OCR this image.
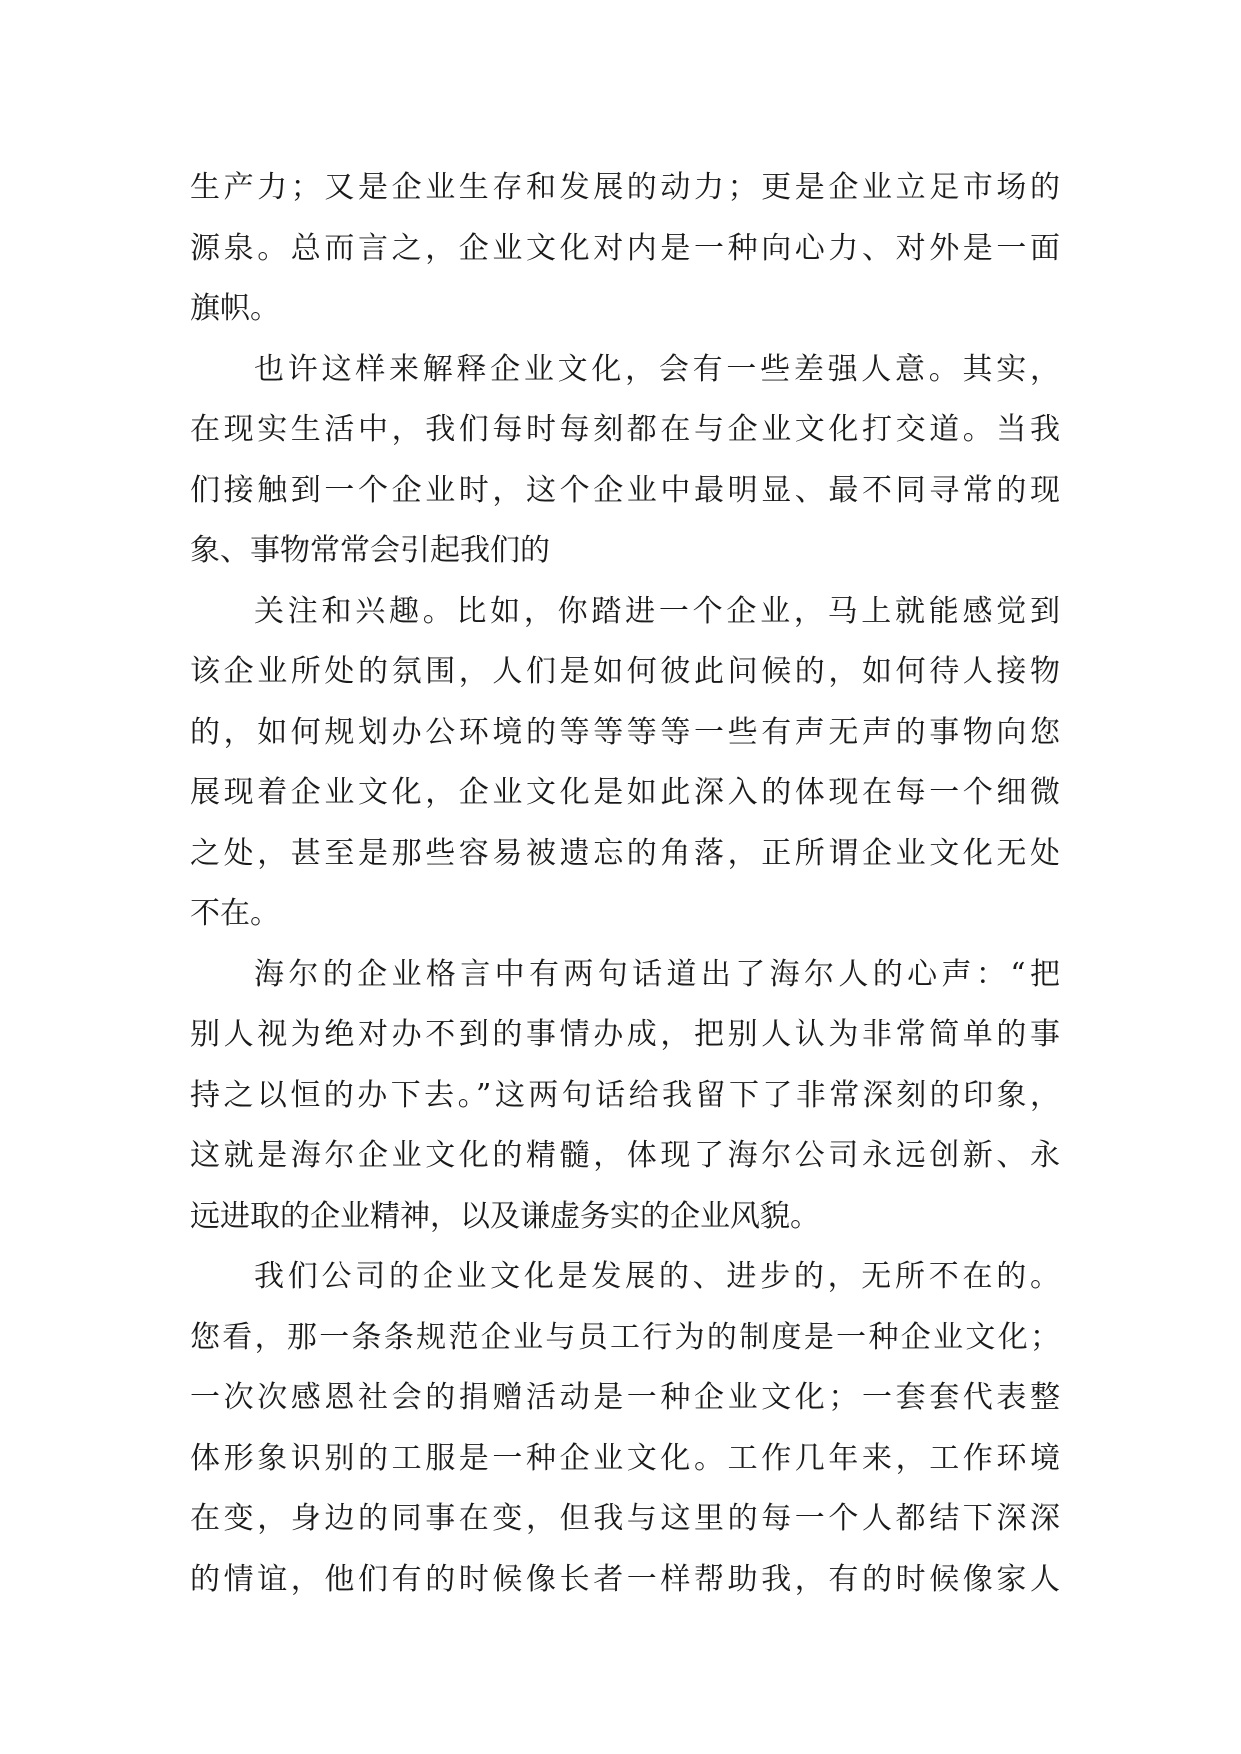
生产力；又是企业生存和发展的动力；更是企业立足市场的
源泉。总而言之，企业文化对内是一种向心力、对外是一面
旗帜。
也许这样来解释企业文化，会有一些差强人意。其实，
在现实生活中，我们每时每刻都在与企业文化打交道。当我
们接触到一个企业时，这个企业中最明显、最不同寻常的现
象、事物常常会引起我们的
关注和兴趣。比如，你踏进一个企业，马上就能感觉到
该企业所处的氛围，人们是如何彼此问候的，如何待人接物
的，如何规划办公环境的等等等等一些有声无声的事物向您
展现着企业文化，企业文化是如此深入的体现在每一个细微
之处，甚至是那些容易被遗忘的角落，正所谓企业文化无处
不在。
海尔的企业格言中有两句话道出了海尔人的心声：“把
别人视为绝对办不到的事情办成，把别人认为非常简单的事
持之以恒的办下去。”这两句话给我留下了非常深刻的印象，
这就是海尔企业文化的精髓，体现了海尔公司永远创新、永
远进取的企业精神，以及谦虚务实的企业风貌。
我们公司的企业文化是发展的、进步的，无所不在的。
您看，那一条条规范企业与员工行为的制度是一种企业文化；
一次次感恩社会的捐赠活动是一种企业文化；一套套代表整
体形象识别的工服是一种企业文化。工作几年来，工作环境
在变，身边的同事在变，但我与这里的每一个人都结下深深
的情谊，他们有的时候像长者一样帮助我，有的时候像家人
